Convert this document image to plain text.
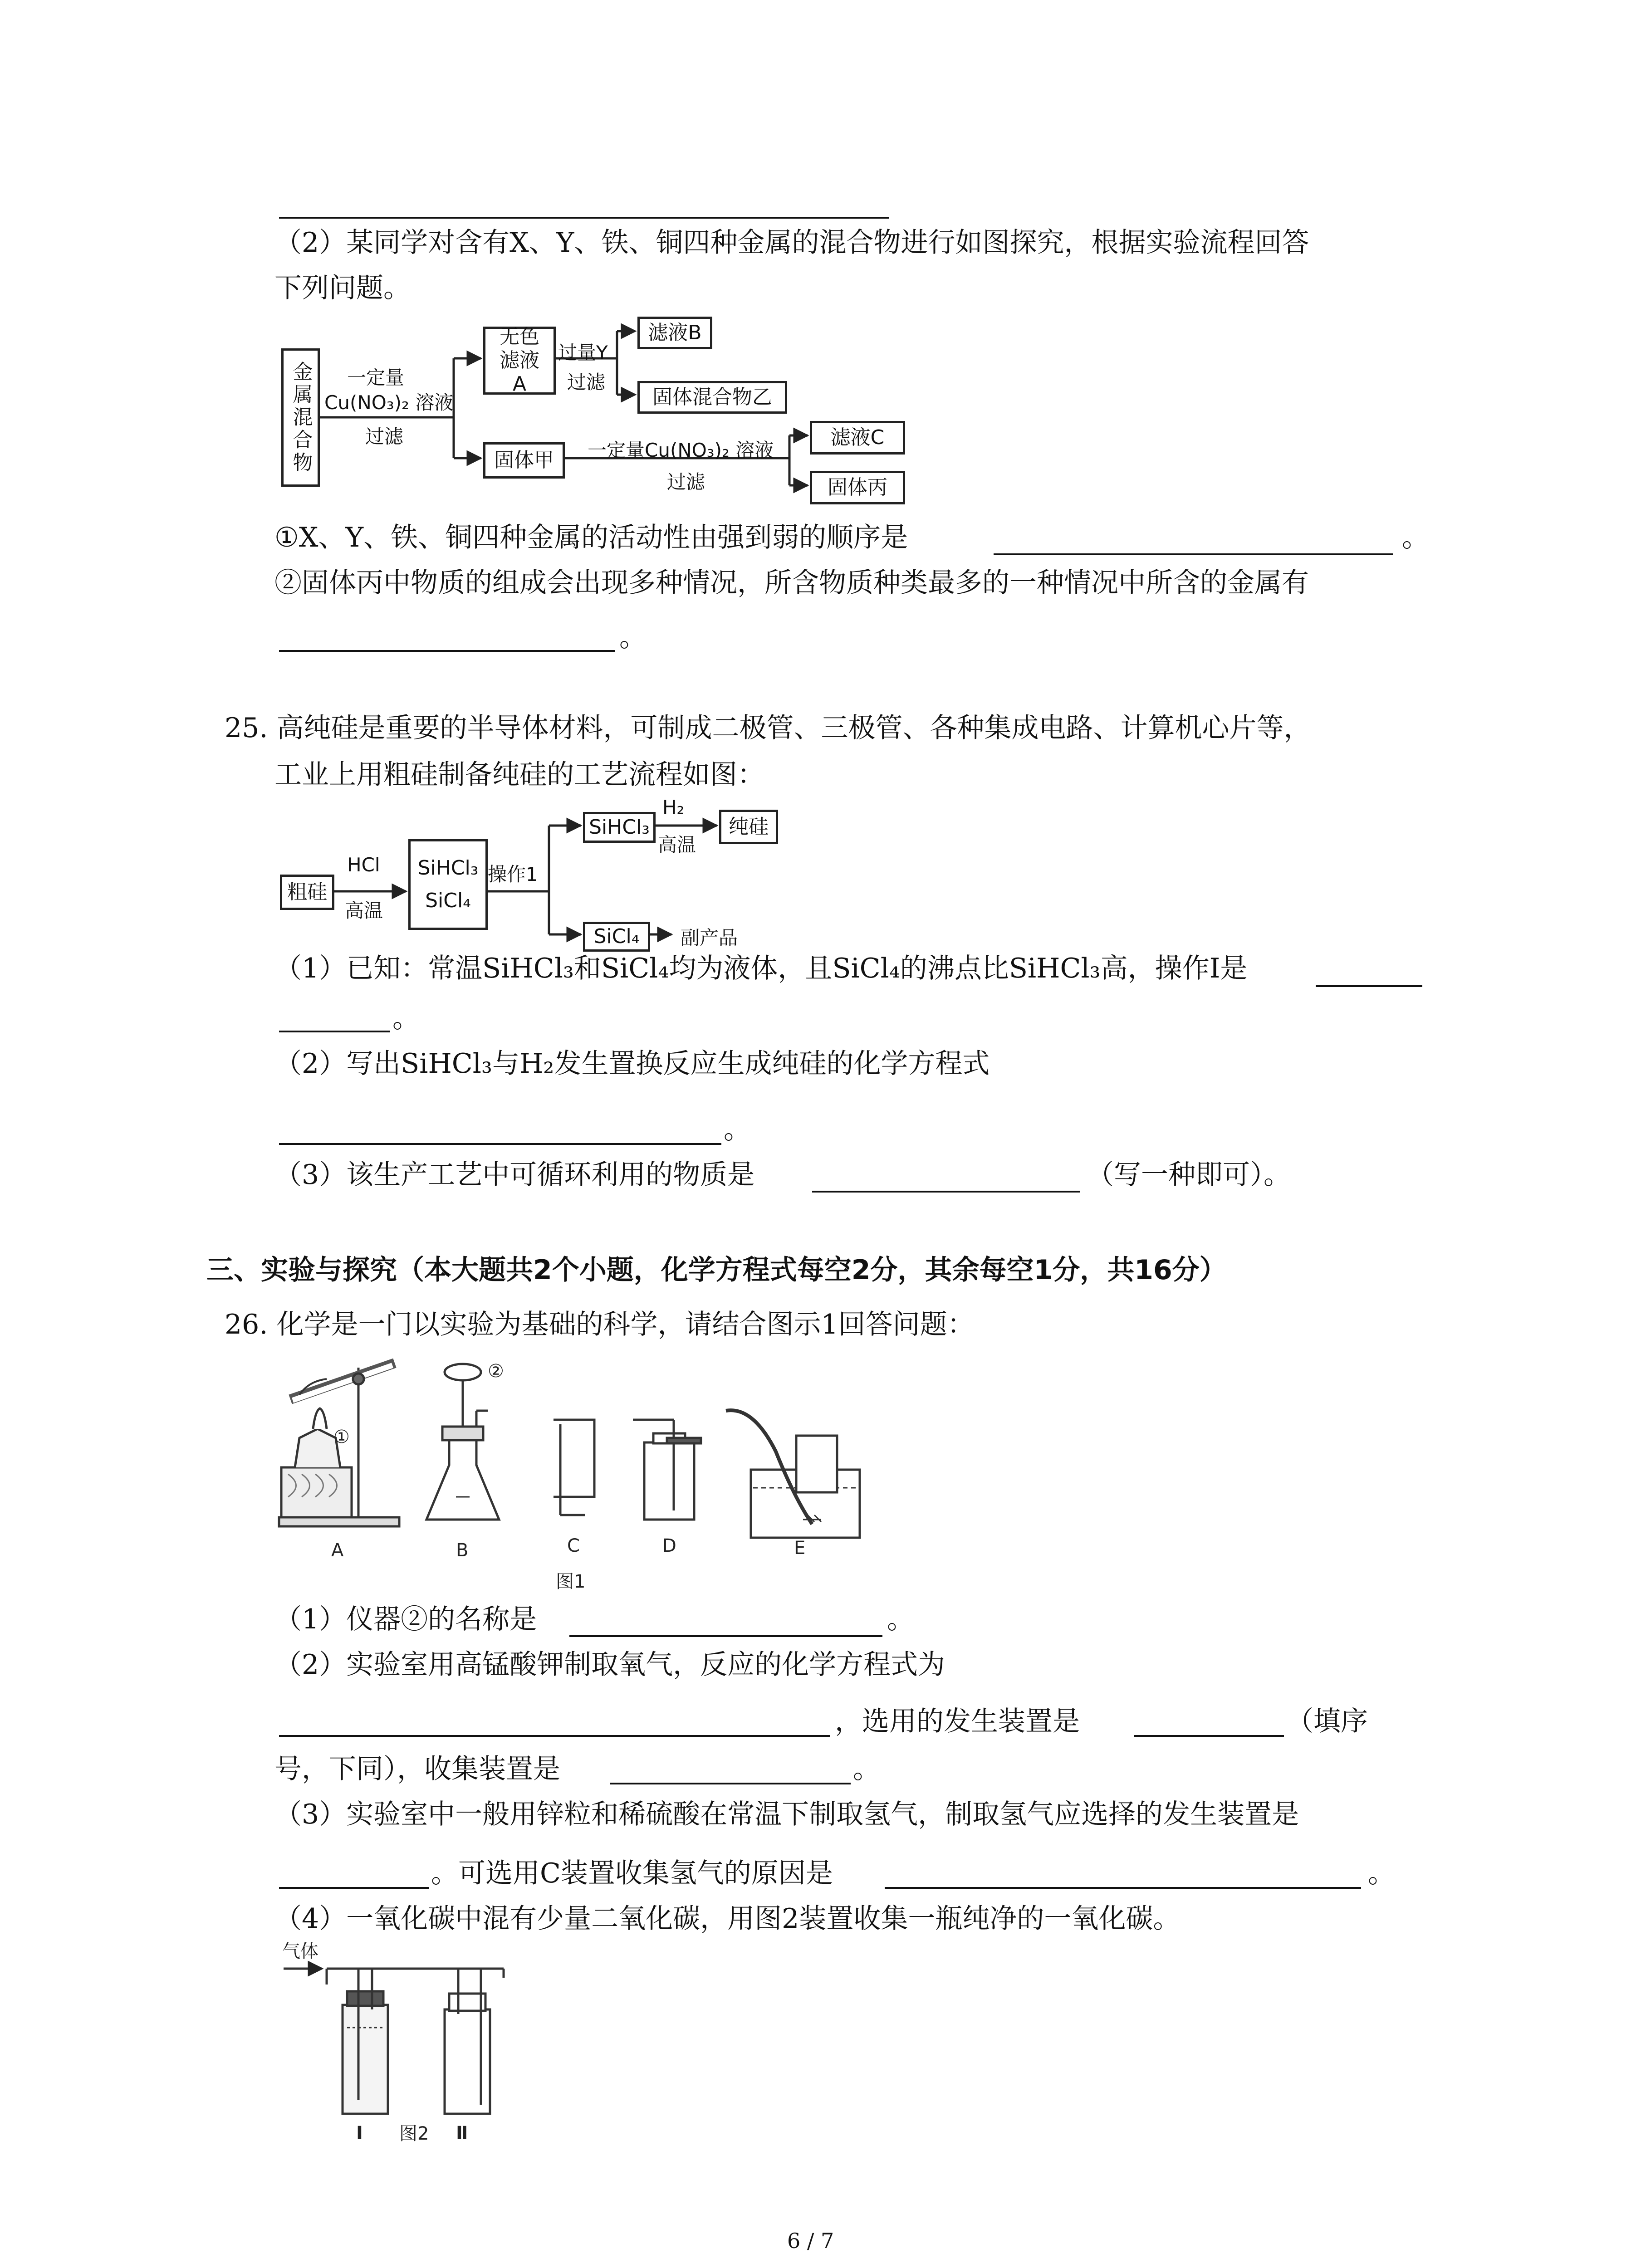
（2）某同学对含有X、Y、铁、铜四种金属的混合物进行如图探究，根据实验流程回答
下列问题。
金属混合物 一定量
Cu(NO₃)₂ 溶液
过滤
无色滤液A
过量Y
过滤
滤液B
固体混合物乙
固体甲 一定量Cu(NO₃)₂ 溶液
过滤
滤液C
固体丙
①X、Y、铁、铜四种金属的活动性由强到弱的顺序是	。
②固体丙中物质的组成会出现多种情况，所含物质种类最多的一种情况中所含的金属有
。
25. 高纯硅是重要的半导体材料，可制成二极管、三极管、各种集成电路、计算机心片等，
工业上用粗硅制备纯硅的工艺流程如图：
粗硅
HCl
高温
SiHCl₃
SiCl₄
操作1
SiHCl₃
H₂
高温
纯硅
SiCl₄ 副产品
（1）已知：常温SiHCl₃和SiCl₄均为液体，且SiCl₄的沸点比SiHCl₃高，操作Ⅰ是
。
（2）写出SiHCl₃与H₂发生置换反应生成纯硅的化学方程式
。
（3）该生产工艺中可循环利用的物质是	（写一种即可）。
三、实验与探究（本大题共2个小题，化学方程式每空2分，其余每空1分，共16分）
26. 化学是一门以实验为基础的科学，请结合图示1回答问题：
①
②
A	B	C	D	E
图1
（1）仪器②的名称是	。
（2）实验室用高锰酸钾制取氧气，反应的化学方程式为
，选用的发生装置是	（填序
号，下同），收集装置是	。
（3）实验室中一般用锌粒和稀硫酸在常温下制取氢气，制取氢气应选择的发生装置是
。可选用C装置收集氢气的原因是	。
（4）一氧化碳中混有少量二氧化碳，用图2装置收集一瓶纯净的一氧化碳。
气体
Ⅰ 图2 Ⅱ
6 / 7
